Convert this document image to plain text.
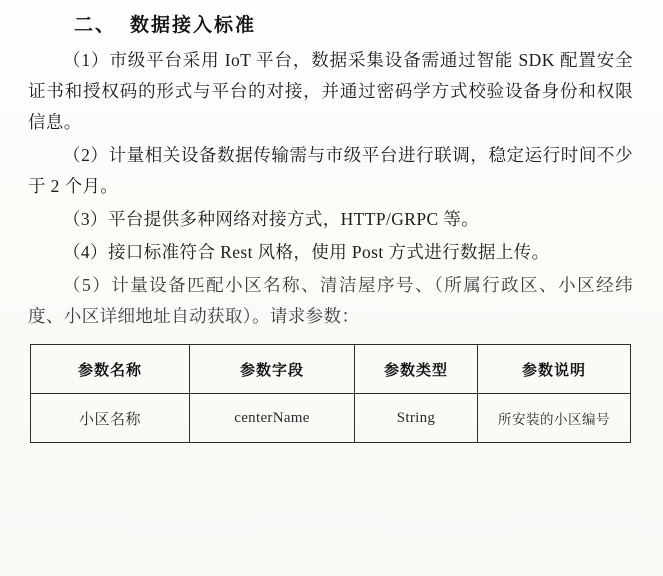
二、 数据接入标准

（1）市级平台采用 IoT 平台，数据采集设备需通过智能 SDK 配置安全证书和授权码的形式与平台的对接，并通过密码学方式校验设备身份和权限信息。

（2）计量相关设备数据传输需与市级平台进行联调，稳定运行时间不少于 2 个月。

（3）平台提供多种网络对接方式，HTTP/GRPC 等。

（4）接口标准符合 Rest 风格，使用 Post 方式进行数据上传。

（5）计量设备匹配小区名称、清洁屋序号、（所属行政区、小区经纬度、小区详细地址自动获取）。请求参数：

参数名称	参数字段	参数类型	参数说明
小区名称	centerName	String	所安装的小区编号
